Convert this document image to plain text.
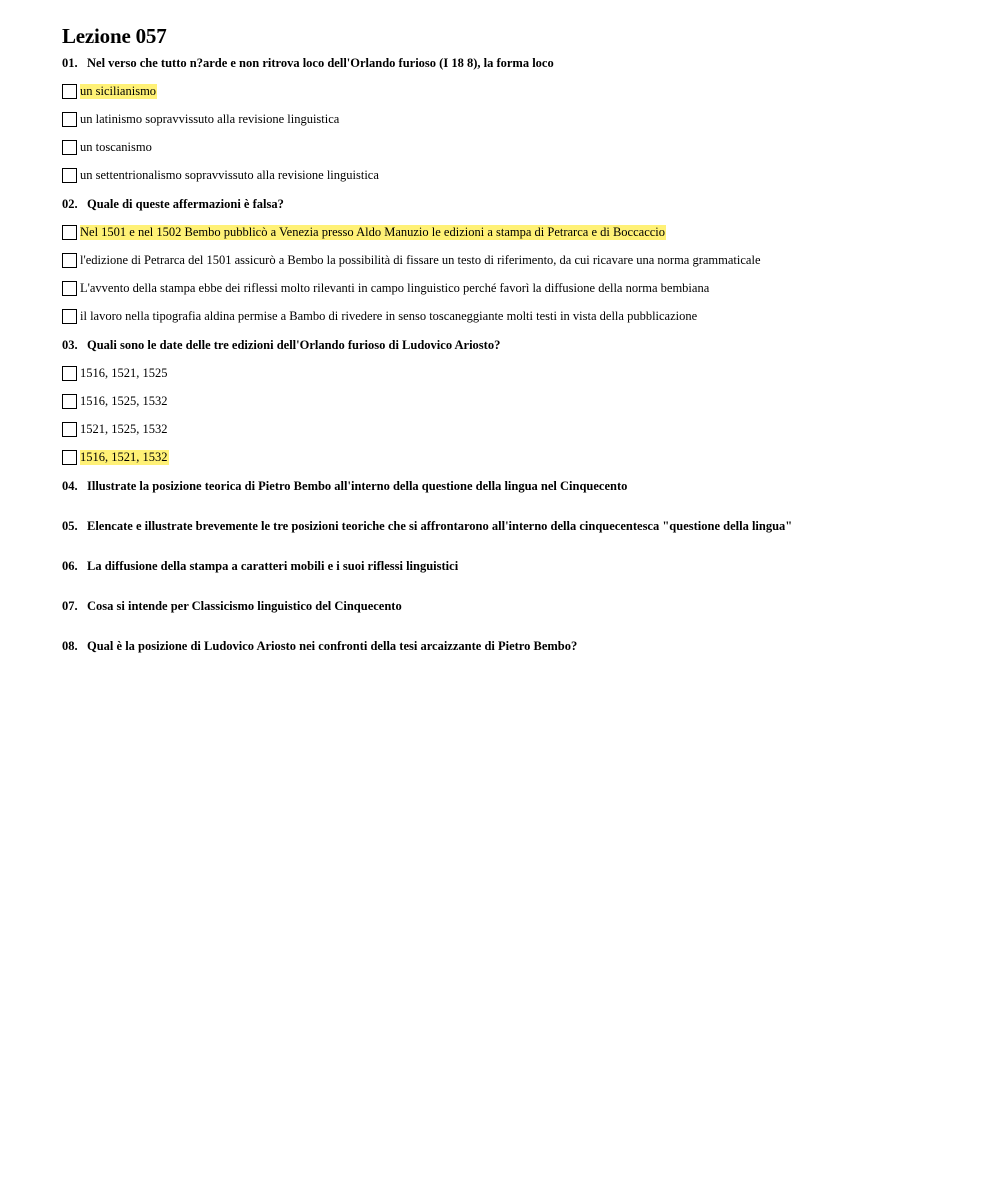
Lezione 057
01. Nel verso che tutto n?arde e non ritrova loco dell'Orlando furioso (I 18 8), la forma loco
un sicilianismo
un latinismo sopravvissuto alla revisione linguistica
un toscanismo
un settentrionalismo sopravvissuto alla revisione linguistica
02. Quale di queste affermazioni è falsa?
Nel 1501 e nel 1502 Bembo pubblicò a Venezia presso Aldo Manuzio le edizioni a stampa di Petrarca e di Boccaccio
l'edizione di Petrarca del 1501 assicurò a Bembo la possibilità di fissare un testo di riferimento, da cui ricavare una norma grammaticale
L'avvento della stampa ebbe dei riflessi molto rilevanti in campo linguistico perché favorì la diffusione della norma bembiana
il lavoro nella tipografia aldina permise a Bambo di rivedere in senso toscaneggiante molti testi in vista della pubblicazione
03. Quali sono le date delle tre edizioni dell'Orlando furioso di Ludovico Ariosto?
1516, 1521, 1525
1516, 1525, 1532
1521, 1525, 1532
1516, 1521, 1532
04. Illustrate la posizione teorica di Pietro Bembo all'interno della questione della lingua nel Cinquecento
05. Elencate e illustrate brevemente le tre posizioni teoriche che si affrontarono all'interno della cinquecentesca "questione della lingua"
06. La diffusione della stampa a caratteri mobili e i suoi riflessi linguistici
07. Cosa si intende per Classicismo linguistico del Cinquecento
08. Qual è la posizione di Ludovico Ariosto nei confronti della tesi arcaizzante di Pietro Bembo?
